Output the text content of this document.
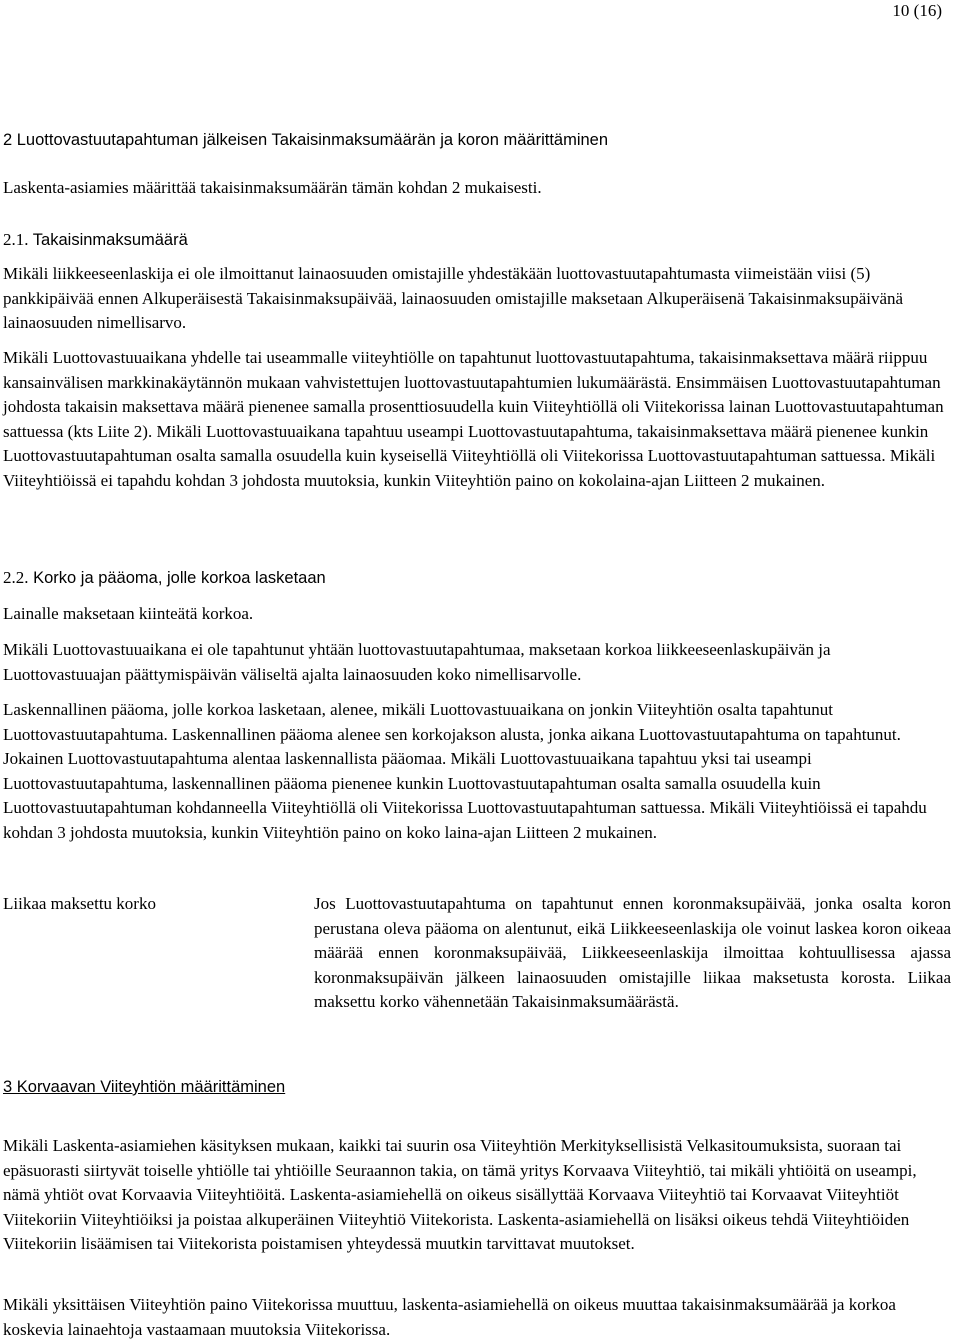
10 (16)
2 Luottovastuutapahtuman jälkeisen Takaisinmaksumäärän ja koron määrittäminen
Laskenta-asiamies määrittää takaisinmaksumäärän tämän kohdan 2 mukaisesti.
2.1. Takaisinmaksumäärä
Mikäli liikkeeseenlaskija ei ole ilmoittanut lainaosuuden omistajille yhdestäkään luottovastuutapahtumasta viimeistään viisi (5) pankkipäivää ennen Alkuperäisestä Takaisinmaksupäivää, lainaosuuden omistajille maksetaan Alkuperäisenä Takaisinmaksupäivänä lainaosuuden nimellisarvo.
Mikäli Luottovastuuaikana yhdelle tai useammalle viiteyhtiölle on tapahtunut luottovastuutapahtuma, takaisinmaksettava määrä riippuu kansainvälisen markkinakäytännön mukaan vahvistettujen luottovastuutapahtumien lukumäärästä. Ensimmäisen Luottovastuutapahtuman johdosta takaisin maksettava määrä pienenee samalla prosenttiosuudella kuin Viiteyhtiöllä oli Viitekorissa lainan Luottovastuutapahtuman sattuessa (kts Liite 2). Mikäli Luottovastuuaikana tapahtuu useampi Luottovastuutapahtuma, takaisinmaksettava määrä pienenee kunkin Luottovastuutapahtuman osalta samalla osuudella kuin kyseisellä Viiteyhtiöllä oli Viitekorissa Luottovastuutapahtuman sattuessa. Mikäli Viiteyhtiöissä ei tapahdu kohdan 3 johdosta muutoksia, kunkin Viiteyhtiön paino on kokolaina-ajan Liitteen 2 mukainen.
2.2. Korko ja pääoma, jolle korkoa lasketaan
Lainalle maksetaan kiinteätä korkoa.
Mikäli Luottovastuuaikana ei ole tapahtunut yhtään luottovastuutapahtumaa, maksetaan korkoa liikkeeseenlaskupäivän ja Luottovastuuajan päättymispäivän väliseltä ajalta lainaosuuden koko nimellisarvolle.
Laskennallinen pääoma, jolle korkoa lasketaan, alenee, mikäli Luottovastuuaikana on jonkin Viiteyhtiön osalta tapahtunut Luottovastuutapahtuma. Laskennallinen pääoma alenee sen korkojakson alusta, jonka aikana Luottovastuutapahtuma on tapahtunut. Jokainen Luottovastuutapahtuma alentaa laskennallista pääomaa. Mikäli Luottovastuuaikana tapahtuu yksi tai useampi Luottovastuutapahtuma, laskennallinen pääoma pienenee kunkin Luottovastuutapahtuman osalta samalla osuudella kuin Luottovastuutapahtuman kohdanneella Viiteyhtiöllä oli Viitekorissa Luottovastuutapahtuman sattuessa. Mikäli Viiteyhtiöissä ei tapahdu kohdan 3 johdosta muutoksia, kunkin Viiteyhtiön paino on koko laina-ajan Liitteen 2 mukainen.
Liikaa maksettu korko	Jos Luottovastuutapahtuma on tapahtunut ennen koronmaksupäivää, jonka osalta koron perustana oleva pääoma on alentunut, eikä Liikkeeseenlaskija ole voinut laskea koron oikeaa määrää ennen koronmaksupäivää, Liikkeeseenlaskija ilmoittaa kohtuullisessa ajassa koronmaksupäivän jälkeen lainaosuuden omistajille liikaa maksetusta korosta. Liikaa maksettu korko vähennetään Takaisinmaksumäärästä.
3 Korvaavan Viiteyhtiön määrittäminen
Mikäli Laskenta-asiamiehen käsityksen mukaan, kaikki tai suurin osa Viiteyhtiön Merkityksellisistä Velkasitoumuksista, suoraan tai epäsuorasti siirtyvät toiselle yhtiölle tai yhtiöille Seuraannon takia, on tämä yritys Korvaava Viiteyhtiö, tai mikäli yhtiöitä on useampi, nämä yhtiöt ovat Korvaavia Viiteyhtiöitä. Laskenta-asiamiehellä on oikeus sisällyttää Korvaava Viiteyhtiö tai Korvaavat Viiteyhtiöt Viitekoriin Viiteyhtiöiksi ja poistaa alkuperäinen Viiteyhtiö Viitekorista. Laskenta-asiamiehellä on lisäksi oikeus tehdä Viiteyhtiöiden Viitekoriin lisäämisen tai Viitekorista poistamisen yhteydessä muutkin tarvittavat muutokset.
Mikäli yksittäisen Viiteyhtiön paino Viitekorissa muuttuu, laskenta-asiamiehellä on oikeus muuttaa takaisinmaksumäärää ja korkoa koskevia lainaehtoja vastaamaan muutoksia Viitekorissa.
